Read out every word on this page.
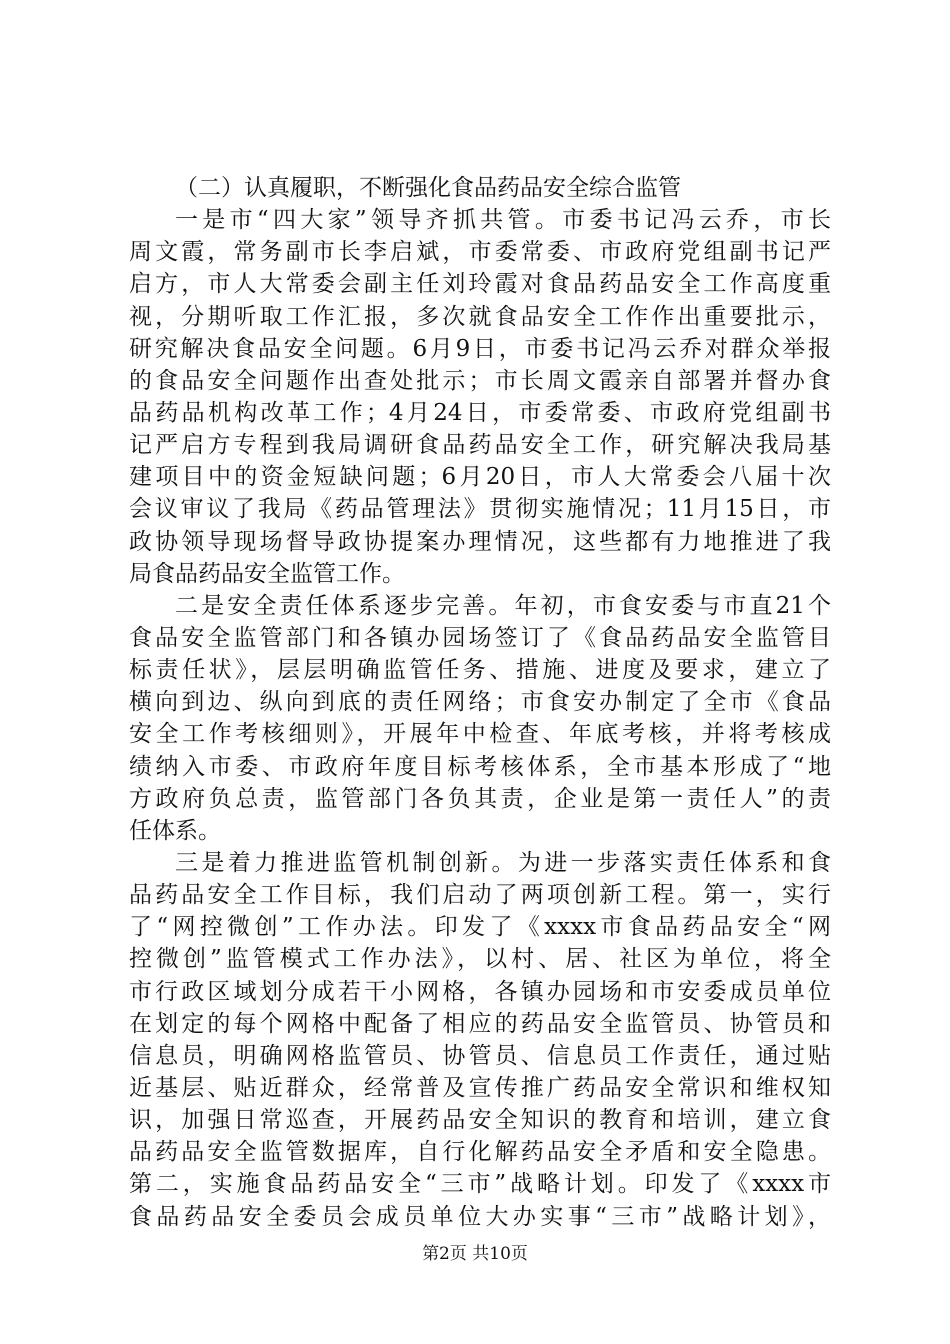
（二）认真履职，不断强化食品药品安全综合监管
一是市“四大家”领导齐抓共管。市委书记冯云乔，市长
周文霞，常务副市长李启斌，市委常委、市政府党组副书记严
启方，市人大常委会副主任刘玲霞对食品药品安全工作高度重
视，分期听取工作汇报，多次就食品安全工作作出重要批示，
研究解决食品安全问题。6月9日，市委书记冯云乔对群众举报
的食品安全问题作出查处批示；市长周文霞亲自部署并督办食
品药品机构改革工作；4月24日，市委常委、市政府党组副书
记严启方专程到我局调研食品药品安全工作，研究解决我局基
建项目中的资金短缺问题；6月20日，市人大常委会八届十次
会议审议了我局《药品管理法》贯彻实施情况；11月15日，市
政协领导现场督导政协提案办理情况，这些都有力地推进了我
局食品药品安全监管工作。
二是安全责任体系逐步完善。年初，市食安委与市直21个
食品安全监管部门和各镇办园场签订了《食品药品安全监管目
标责任状》，层层明确监管任务、措施、进度及要求，建立了
横向到边、纵向到底的责任网络；市食安办制定了全市《食品
安全工作考核细则》，开展年中检查、年底考核，并将考核成
绩纳入市委、市政府年度目标考核体系，全市基本形成了“地
方政府负总责，监管部门各负其责，企业是第一责任人”的责
任体系。
三是着力推进监管机制创新。为进一步落实责任体系和食
品药品安全工作目标，我们启动了两项创新工程。第一，实行
了“网控微创”工作办法。印发了《xxxx市食品药品安全“网
控微创”监管模式工作办法》，以村、居、社区为单位，将全
市行政区域划分成若干小网格，各镇办园场和市安委成员单位
在划定的每个网格中配备了相应的药品安全监管员、协管员和
信息员，明确网格监管员、协管员、信息员工作责任，通过贴
近基层、贴近群众，经常普及宣传推广药品安全常识和维权知
识，加强日常巡查，开展药品安全知识的教育和培训，建立食
品药品安全监管数据库，自行化解药品安全矛盾和安全隐患。
第二，实施食品药品安全“三市”战略计划。印发了《xxxx市
食品药品安全委员会成员单位大办实事“三市”战略计划》，
第2页 共10页
